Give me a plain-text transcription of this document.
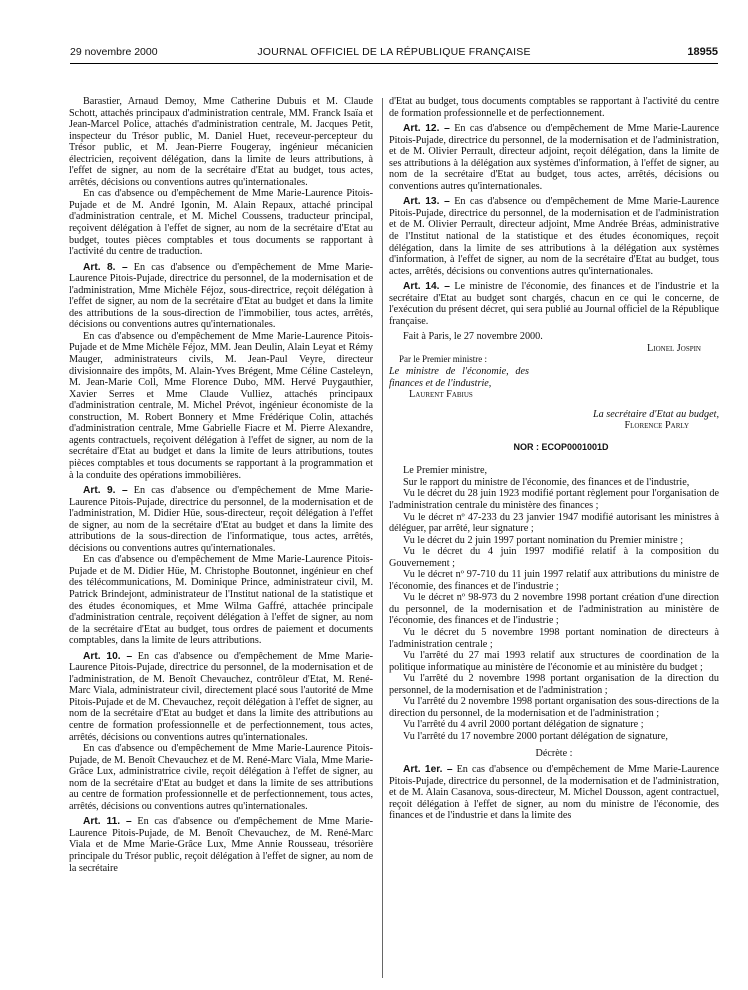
29 novembre 2000	JOURNAL OFFICIEL DE LA RÉPUBLIQUE FRANÇAISE	18955

Barastier, Arnaud Demoy, Mme Catherine Dubuis et M. Claude Schott, attachés principaux d'administration centrale, MM. Franck Isaïa et Jean-Marcel Police, attachés d'administration centrale, M. Jacques Petit, inspecteur du Trésor public, M. Daniel Huet, receveur-percepteur du Trésor public, et M. Jean-Pierre Fougeray, ingénieur mécanicien électricien, reçoivent délégation, dans la limite de leurs attributions, à l'effet de signer, au nom de la secrétaire d'Etat au budget, tous actes, arrêtés, décisions ou conventions autres qu'internationales.

En cas d'absence ou d'empêchement de Mme Marie-Laurence Pitois-Pujade et de M. André Igonin, M. Alain Repaux, attaché principal d'administration centrale, et M. Michel Coussens, traducteur principal, reçoivent délégation à l'effet de signer, au nom de la secrétaire d'Etat au budget, toutes pièces comptables et tous documents se rapportant à l'activité du centre de traduction.

Art. 8. – En cas d'absence ou d'empêchement de Mme Marie-Laurence Pitois-Pujade, directrice du personnel, de la modernisation et de l'administration, Mme Michèle Féjoz, sous-directrice, reçoit délégation à l'effet de signer, au nom de la secrétaire d'Etat au budget et dans la limite des attributions de la sous-direction de l'immobilier, tous actes, arrêtés, décisions ou conventions autres qu'internationales.

En cas d'absence ou d'empêchement de Mme Marie-Laurence Pitois-Pujade et de Mme Michèle Féjoz, MM. Jean Deulin, Alain Leyat et Rémy Mauger, administrateurs civils, M. Jean-Paul Veyre, directeur divisionnaire des impôts, M. Alain-Yves Brégent, Mme Céline Casteleyn, M. Jean-Marie Coll, Mme Florence Dubo, MM. Hervé Puygauthier, Xavier Serres et Mme Claude Vulliez, attachés principaux d'administration centrale, M. Michel Prévot, ingénieur économiste de la construction, M. Robert Bonnery et Mme Frédérique Colin, attachés d'administration centrale, Mme Gabrielle Fiacre et M. Pierre Alexandre, agents contractuels, reçoivent délégation à l'effet de signer, au nom de la secrétaire d'Etat au budget et dans la limite de leurs attributions, toutes pièces comptables et tous documents se rapportant à la programmation et à la conduite des opérations immobilières.

Art. 9. – En cas d'absence ou d'empêchement de Mme Marie-Laurence Pitois-Pujade, directrice du personnel, de la modernisation et de l'administration, M. Didier Hüe, sous-directeur, reçoit délégation à l'effet de signer, au nom de la secrétaire d'Etat au budget et dans la limite des attributions de la sous-direction de l'informatique, tous actes, arrêtés, décisions ou conventions autres qu'internationales.

En cas d'absence ou d'empêchement de Mme Marie-Laurence Pitois-Pujade et de M. Didier Hüe, M. Christophe Boutonnet, ingénieur en chef des télécommunications, M. Dominique Prince, administrateur civil, M. Patrick Brindejont, administrateur de l'Institut national de la statistique et des études économiques, et Mme Wilma Gaffré, attachée principale d'administration centrale, reçoivent délégation à l'effet de signer, au nom de la secrétaire d'Etat au budget, tous ordres de paiement et documents comptables, dans la limite de leurs attributions.

Art. 10. – En cas d'absence ou d'empêchement de Mme Marie-Laurence Pitois-Pujade, directrice du personnel, de la modernisation et de l'administration, de M. Benoît Chevauchez, contrôleur d'Etat, M. René-Marc Viala, administrateur civil, directement placé sous l'autorité de Mme Pitois-Pujade et de M. Chevauchez, reçoit délégation à l'effet de signer, au nom de la secrétaire d'Etat au budget et dans la limite des attributions au centre de formation professionnelle et de perfectionnement, tous actes, arrêtés, décisions ou conventions autres qu'internationales.

En cas d'absence ou d'empêchement de Mme Marie-Laurence Pitois-Pujade, de M. Benoît Chevauchez et de M. René-Marc Viala, Mme Marie-Grâce Lux, administratrice civile, reçoit délégation à l'effet de signer, au nom de la secrétaire d'Etat au budget et dans la limite de ses attributions au centre de formation professionnelle et de perfectionnement, tous actes, arrêtés, décisions ou conventions autres qu'internationales.

Art. 11. – En cas d'absence ou d'empêchement de Mme Marie-Laurence Pitois-Pujade, de M. Benoît Chevauchez, de M. René-Marc Viala et de Mme Marie-Grâce Lux, Mme Annie Rousseau, trésorière principale du Trésor public, reçoit délégation à l'effet de signer, au nom de la secrétaire

d'Etat au budget, tous documents comptables se rapportant à l'activité du centre de formation professionnelle et de perfectionnement.

Art. 12. – En cas d'absence ou d'empêchement de Mme Marie-Laurence Pitois-Pujade, directrice du personnel, de la modernisation et de l'administration, et de M. Olivier Perrault, directeur adjoint, reçoit délégation, dans la limite de ses attributions à la délégation aux systèmes d'information, à l'effet de signer, au nom de la secrétaire d'Etat au budget, tous actes, arrêtés, décisions ou conventions autres qu'internationales.

Art. 13. – En cas d'absence ou d'empêchement de Mme Marie-Laurence Pitois-Pujade, directrice du personnel, de la modernisation et de l'administration et de M. Olivier Perrault, directeur adjoint, Mme Andrée Bréas, administrative de l'Institut national de la statistique et des études économiques, reçoit délégation, dans la limite de ses attributions à la délégation aux systèmes d'information, à l'effet de signer, au nom de la secrétaire d'Etat au budget, tous actes, arrêtés, décisions ou conventions autres qu'internationales.

Art. 14. – Le ministre de l'économie, des finances et de l'industrie et la secrétaire d'Etat au budget sont chargés, chacun en ce qui le concerne, de l'exécution du présent décret, qui sera publié au Journal officiel de la République française.

Fait à Paris, le 27 novembre 2000.

Lionel Jospin

Par le Premier ministre :

Le ministre de l'économie, des finances et de l'industrie,

Laurent Fabius

La secrétaire d'Etat au budget,

Florence Parly

NOR : ECOP0001001D

Le Premier ministre,

Sur le rapport du ministre de l'économie, des finances et de l'industrie,

Vu le décret du 28 juin 1923 modifié portant règlement pour l'organisation de l'administration centrale du ministère des finances ;

Vu le décret nº 47-233 du 23 janvier 1947 modifié autorisant les ministres à déléguer, par arrêté, leur signature ;

Vu le décret du 2 juin 1997 portant nomination du Premier ministre ;

Vu le décret du 4 juin 1997 modifié relatif à la composition du Gouvernement ;

Vu le décret nº 97-710 du 11 juin 1997 relatif aux attributions du ministre de l'économie, des finances et de l'industrie ;

Vu le décret nº 98-973 du 2 novembre 1998 portant création d'une direction du personnel, de la modernisation et de l'administration au ministère de l'économie, des finances et de l'industrie ;

Vu le décret du 5 novembre 1998 portant nomination de directeurs à l'administration centrale ;

Vu l'arrêté du 27 mai 1993 relatif aux structures de coordination de la politique informatique au ministère de l'économie et au ministère du budget ;

Vu l'arrêté du 2 novembre 1998 portant organisation de la direction du personnel, de la modernisation et de l'administration ;

Vu l'arrêté du 2 novembre 1998 portant organisation des sous-directions de la direction du personnel, de la modernisation et de l'administration ;

Vu l'arrêté du 4 avril 2000 portant délégation de signature ;

Vu l'arrêté du 17 novembre 2000 portant délégation de signature,

Décrète :

Art. 1er. – En cas d'absence ou d'empêchement de Mme Marie-Laurence Pitois-Pujade, directrice du personnel, de la modernisation et de l'administration, et de M. Alain Casanova, sous-directeur, M. Michel Dousson, agent contractuel, reçoit délégation à l'effet de signer, au nom du ministre de l'économie, des finances et de l'industrie et dans la limite des
